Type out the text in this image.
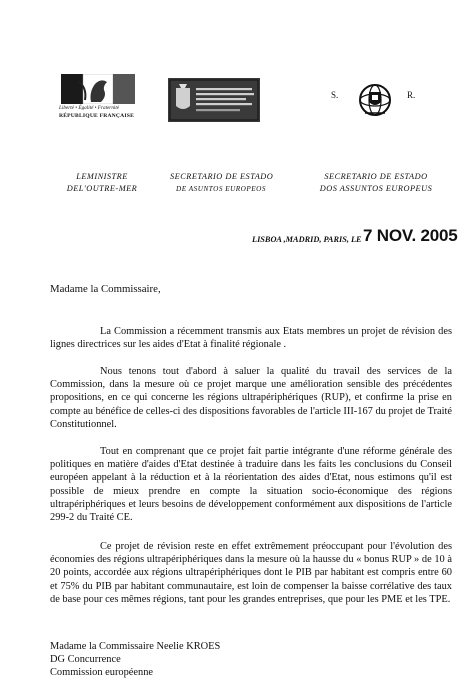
Liberté • Égalité • Fraternité
RÉPUBLIQUE FRANÇAISE
S.	R.
LEMINISTRE
DEL'OUTRE-MER
SECRETARIO DE ESTADO
DE ASUNTOS EUROPEOS
SECRETARIO DE ESTADO
DOS ASSUNTOS EUROPEUS
LISBOA ,MADRID, PARIS, LE 7 NOV. 2005
Madame la Commissaire,
La Commission a récemment transmis aux Etats membres un projet de révision des lignes directrices sur les aides d'Etat à finalité régionale .
Nous tenons tout d'abord à saluer la qualité du travail des services de la Commission, dans la mesure où ce projet marque une amélioration sensible des précédentes propositions, en ce qui concerne les régions ultrapériphériques (RUP), et confirme la prise en compte au bénéfice de celles-ci des dispositions favorables de l'article III-167 du projet de Traité Constitutionnel.
Tout en comprenant que ce projet fait partie intégrante d'une réforme générale des politiques en matière d'aides d'Etat destinée à traduire dans les faits les conclusions du Conseil européen appelant à la réduction et à la réorientation des aides d'Etat, nous estimons qu'il est possible de mieux prendre en compte la situation socio-économique des régions ultrapériphériques et leurs besoins de développement conformément aux dispositions de l'article 299-2 du Traité CE.
Ce projet de révision reste en effet extrêmement préoccupant pour l'évolution des économies des régions ultrapériphériques dans la mesure où la hausse du « bonus RUP » de 10 à 20 points, accordée aux régions ultrapériphériques dont le PIB par habitant est compris entre 60 et 75% du PIB par habitant communautaire, est loin de compenser la baisse corrélative des taux de base pour ces mêmes régions, tant pour les grandes entreprises, que pour les PME et les TPE.
Madame la Commissaire Neelie KROES
DG Concurrence
Commission européenne
